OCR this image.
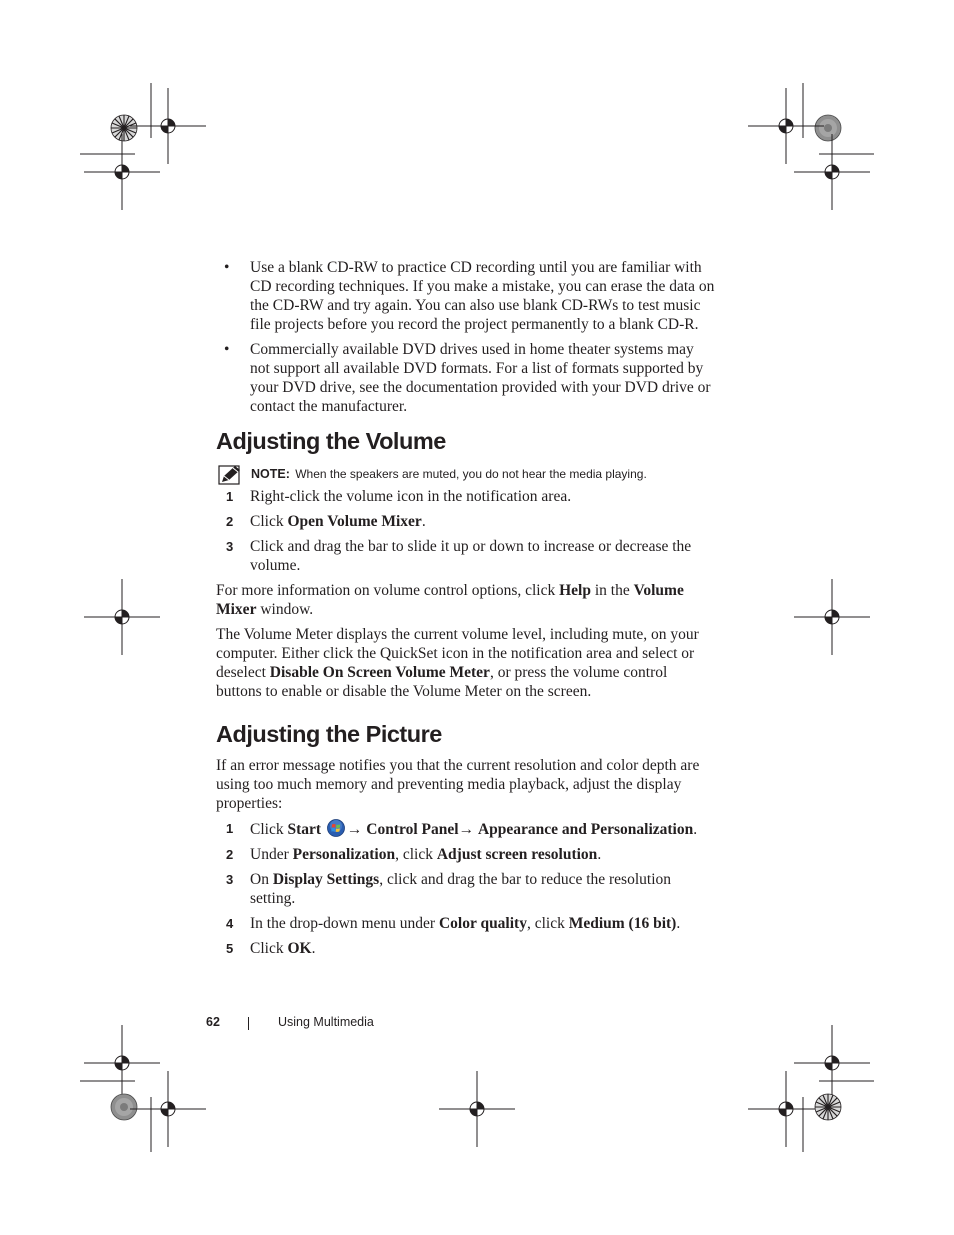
• Use a blank CD-RW to practice CD recording until you are familiar with CD recording techniques. If you make a mistake, you can erase the data on the CD-RW and try again. You can also use blank CD-RWs to test music file projects before you record the project permanently to a blank CD-R.
• Commercially available DVD drives used in home theater systems may not support all available DVD formats. For a list of formats supported by your DVD drive, see the documentation provided with your DVD drive or contact the manufacturer.
Adjusting the Volume
NOTE: When the speakers are muted, you do not hear the media playing.
1 Right-click the volume icon in the notification area.
2 Click Open Volume Mixer.
3 Click and drag the bar to slide it up or down to increase or decrease the volume.

For more information on volume control options, click Help in the Volume Mixer window.

The Volume Meter displays the current volume level, including mute, on your computer. Either click the QuickSet icon in the notification area and select or deselect Disable On Screen Volume Meter, or press the volume control buttons to enable or disable the Volume Meter on the screen.

Adjusting the Picture

If an error message notifies you that the current resolution and color depth are using too much memory and preventing media playback, adjust the display properties:

1 Click Start → Control Panel→ Appearance and Personalization.
2 Under Personalization, click Adjust screen resolution.
3 On Display Settings, click and drag the bar to reduce the resolution setting.
4 In the drop-down menu under Color quality, click Medium (16 bit).
5 Click OK.
62	Using Multimedia
